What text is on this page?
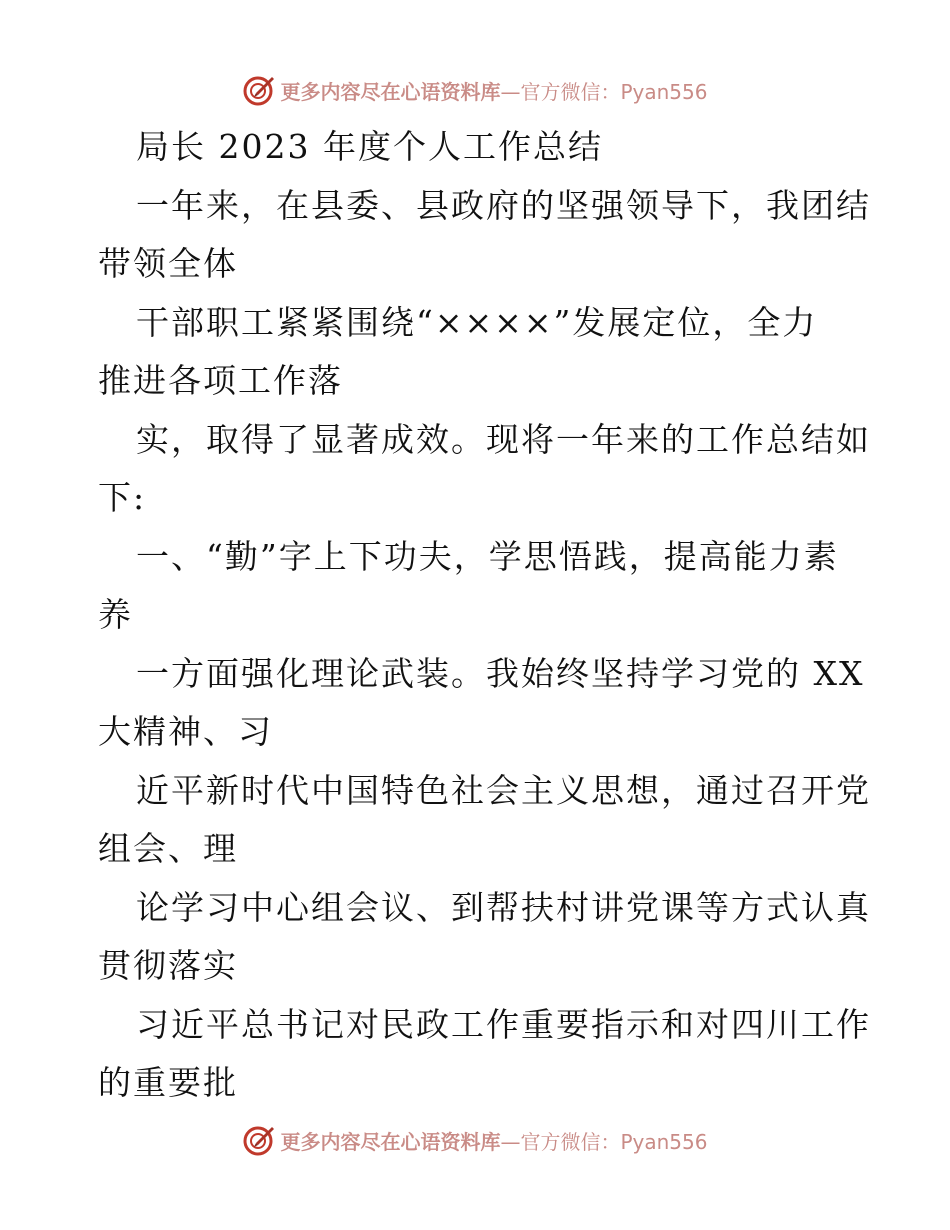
更多内容尽在心语资料库 —官方微信：Pyan556
局长 2023 年度个人工作总结
一年来，在县委、县政府的坚强领导下，我团结
带领全体
干部职工紧紧围绕“××××”发展定位，全力
推进各项工作落
实，取得了显著成效。现将一年来的工作总结如
下:
一、“勤”字上下功夫，学思悟践，提高能力素
养
一方面强化理论武装。我始终坚持学习党的 XX
大精神、习
近平新时代中国特色社会主义思想，通过召开党
组会、理
论学习中心组会议、到帮扶村讲党课等方式认真
贯彻落实
习近平总书记对民政工作重要指示和对四川工作
的重要批
更多内容尽在心语资料库 —官方微信：Pyan556
